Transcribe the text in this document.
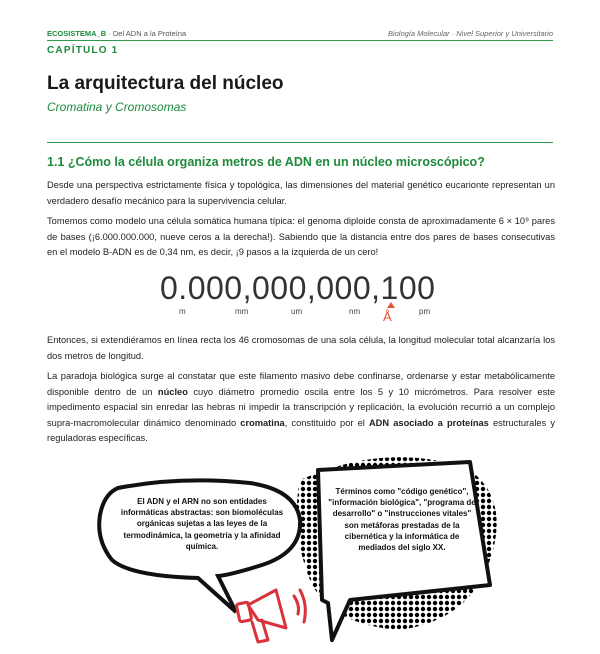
ECOSISTEMA_B · Del ADN a la Proteína	Biología Molecular · Nivel Superior y Universitario
CAPÍTULO 1
La arquitectura del núcleo
Cromatina y Cromosomas
1.1 ¿Cómo la célula organiza metros de ADN en un núcleo microscópico?
Desde una perspectiva estrictamente física y topológica, las dimensiones del material genético eucarionte representan un verdadero desafío mecánico para la supervivencia celular.
Tomemos como modelo una célula somática humana típica: el genoma diploide consta de aproximadamente 6 × 10⁹ pares de bases (¡6.000.000.000, nueve ceros a la derecha!). Sabiendo que la distancia entre dos pares de bases consecutivas en el modelo B-ADN es de 0,34 nm, es decir, ¡9 pasos a la izquierda de un cero!
0.000,000,000,100
m	mm	um	nm Å	pm
Entonces, si extendiéramos en línea recta los 46 cromosomas de una sola célula, la longitud molecular total alcanzaría los dos metros de longitud.
La paradoja biológica surge al constatar que este filamento masivo debe confinarse, ordenarse y estar metabólicamente disponible dentro de un núcleo cuyo diámetro promedio oscila entre los 5 y 10 micrómetros. Para resolver este impedimento espacial sin enredar las hebras ni impedir la transcripción y replicación, la evolución recurrió a un complejo supra-macromolecular dinámico denominado cromatina, constituido por el ADN asociado a proteínas estructurales y reguladoras específicas.
El ADN y el ARN no son entidades informáticas abstractas: son biomoléculas orgánicas sujetas a las leyes de la termodinámica, la geometría y la afinidad química.
Términos como "código genético", "información biológica", "programa de desarrollo" o "instrucciones vitales" son metáforas prestadas de la cibernética y la informática de mediados del siglo XX.
